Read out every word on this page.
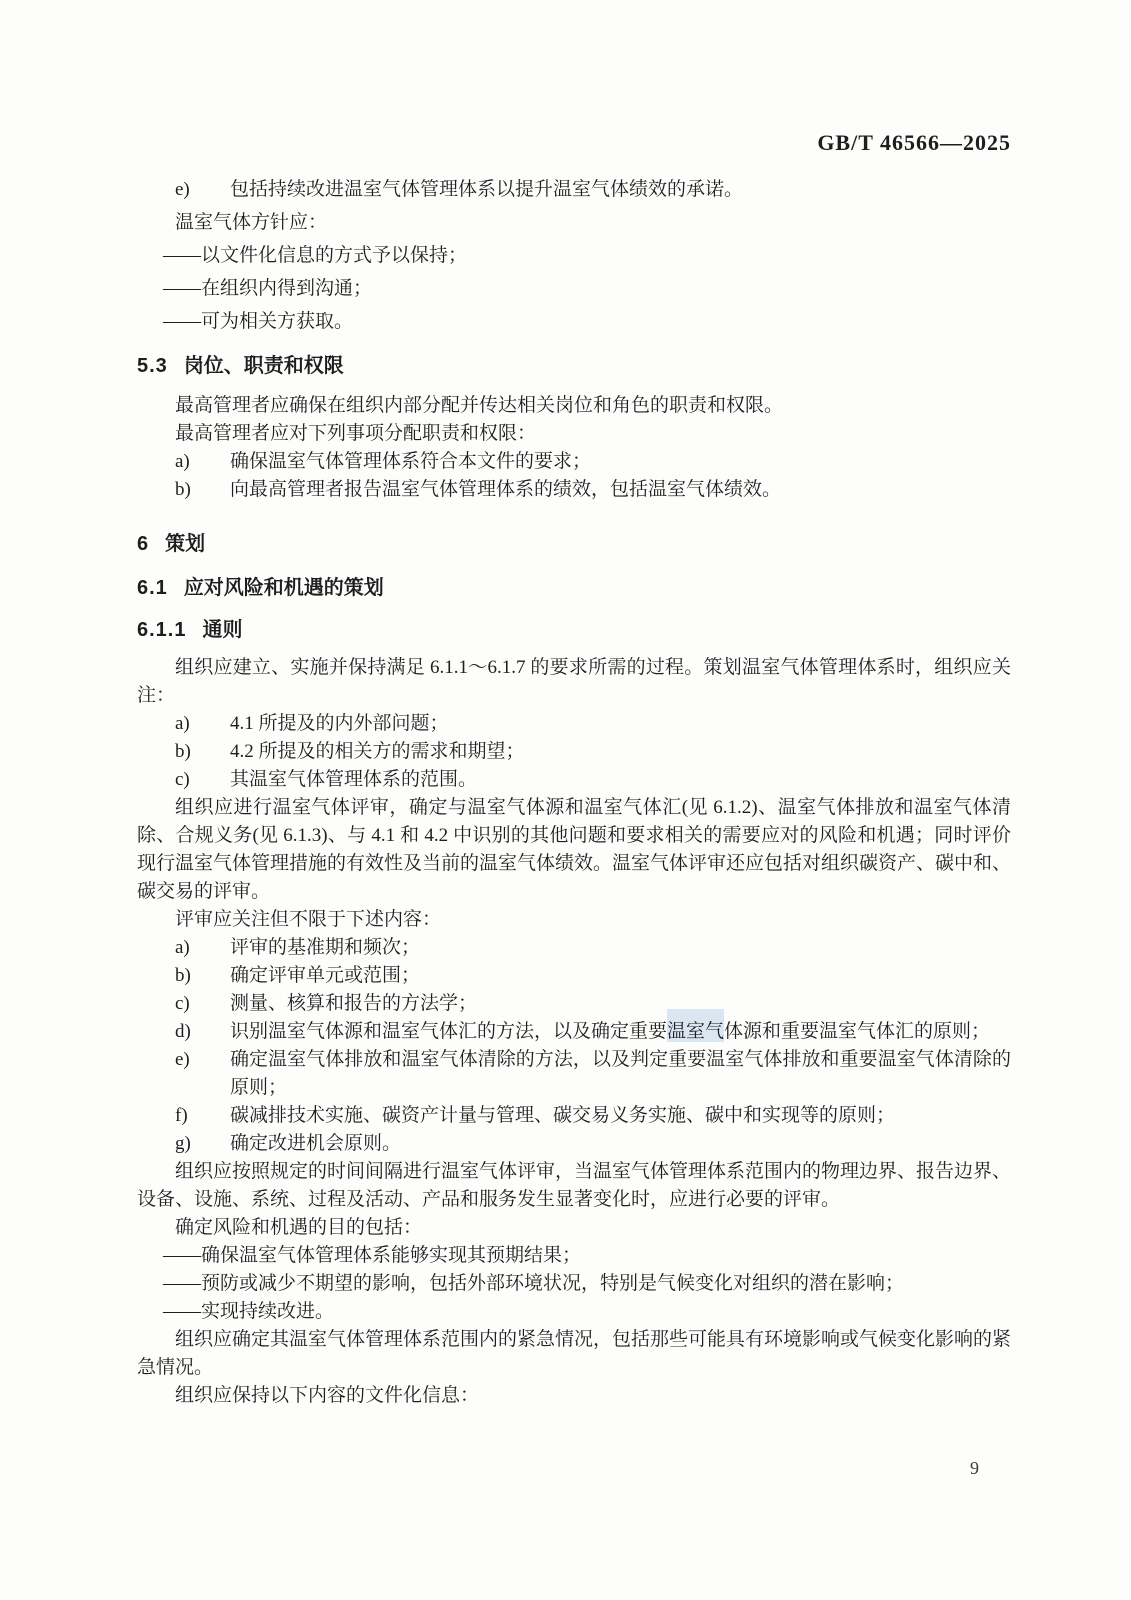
GB/T 46566—2025
e) 包括持续改进温室气体管理体系以提升温室气体绩效的承诺。

温室气体方针应：

——以文件化信息的方式予以保持；

——在组织内得到沟通；

——可为相关方获取。

5.3 岗位、职责和权限

最高管理者应确保在组织内部分配并传达相关岗位和角色的职责和权限。

最高管理者应对下列事项分配职责和权限：

a) 确保温室气体管理体系符合本文件的要求；
b) 向最高管理者报告温室气体管理体系的绩效，包括温室气体绩效。
6 策划
6.1 应对风险和机遇的策划
6.1.1 通则

组织应建立、实施并保持满足 6.1.1～6.1.7 的要求所需的过程。策划温室气体管理体系时，组织应关注：

a) 4.1 所提及的内外部问题；
b) 4.2 所提及的相关方的需求和期望；
c) 其温室气体管理体系的范围。

组织应进行温室气体评审，确定与温室气体源和温室气体汇(见 6.1.2)、温室气体排放和温室气体清除、合规义务(见 6.1.3)、与 4.1 和 4.2 中识别的其他问题和要求相关的需要应对的风险和机遇；同时评价现行温室气体管理措施的有效性及当前的温室气体绩效。温室气体评审还应包括对组织碳资产、碳中和、碳交易的评审。

评审应关注但不限于下述内容：

a) 评审的基准期和频次；
b) 确定评审单元或范围；
c) 测量、核算和报告的方法学；
d) 识别温室气体源和温室气体汇的方法，以及确定重要温室气体源和重要温室气体汇的原则；
e) 确定温室气体排放和温室气体清除的方法，以及判定重要温室气体排放和重要温室气体清除的原则；
f) 碳减排技术实施、碳资产计量与管理、碳交易义务实施、碳中和实现等的原则；
g) 确定改进机会原则。

组织应按照规定的时间间隔进行温室气体评审，当温室气体管理体系范围内的物理边界、报告边界、设备、设施、系统、过程及活动、产品和服务发生显著变化时，应进行必要的评审。

确定风险和机遇的目的包括：

——确保温室气体管理体系能够实现其预期结果；

——预防或减少不期望的影响，包括外部环境状况，特别是气候变化对组织的潜在影响；

——实现持续改进。

组织应确定其温室气体管理体系范围内的紧急情况，包括那些可能具有环境影响或气候变化影响的紧急情况。

组织应保持以下内容的文件化信息：

9
